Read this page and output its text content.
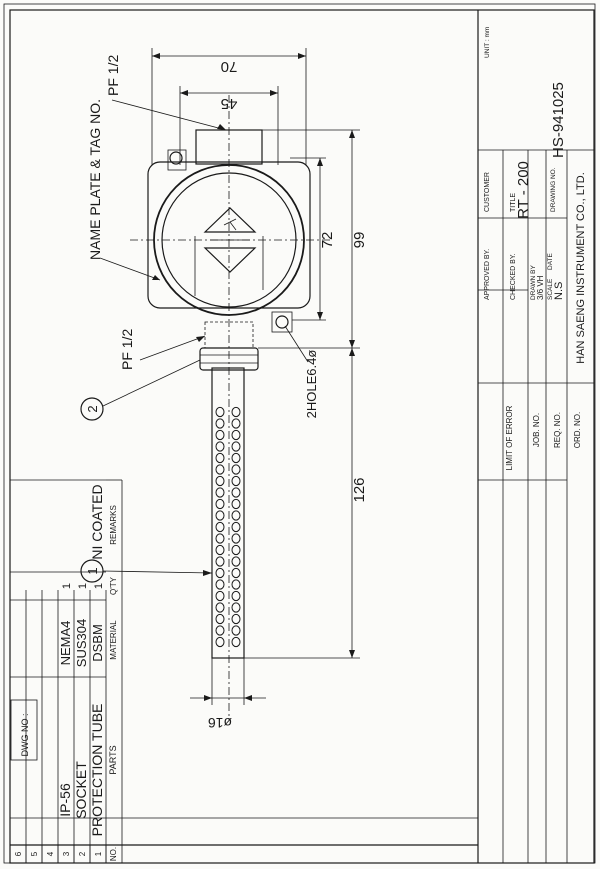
DWG NO :
6 5 4 3 2 1
PROTECTION TUBE
SOCKET
IP-56
DSBM
SUS304
NEMA4
1
1
1
NI COATED
NO.
PARTS
MATERIAL
Q'TY
REMARKS
APPROVED BY.
CUSTOMER
CHECKED BY.
TITLE
RT - 200
DRAWN BY 3/6 VH SCALE N.S
DATE
DRAWING NO.
HS-941025
HAN SAENG INSTRUMENT CO., LTD.
LIMIT OF ERROR JOB. NO. REQ. NO. ORD. NO.
UNIT : mm
70
45
72 99
126
ø16
2HOLE6.4ø
NAME PLATE & TAG NO.
PF 1/2
PF 1/2
2
1
